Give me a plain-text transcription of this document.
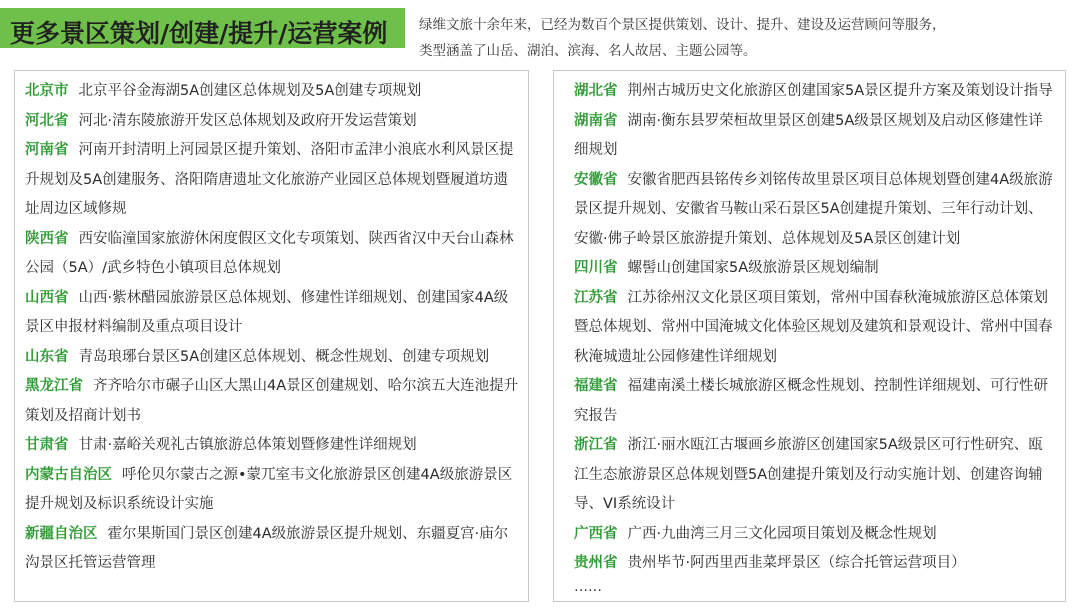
更多景区策划/创建/提升/运营案例 绿维文旅十余年来，已经为数百个景区提供策划、设计、提升、建设及运营顾问等服务，
类型涵盖了山岳、湖泊、滨海、名人故居、主题公园等。

北京市 北京平谷金海湖5A创建区总体规划及5A创建专项规划

河北省 河北·清东陵旅游开发区总体规划及政府开发运营策划

河南省 河南开封清明上河园景区提升策划、洛阳市孟津小浪底水利风景区提升规划及5A创建服务、洛阳隋唐遗址文化旅游产业园区总体规划暨履道坊遗址周边区域修规

陕西省 西安临潼国家旅游休闲度假区文化专项策划、陕西省汉中天台山森林公园（5A）/武乡特色小镇项目总体规划

山西省 山西·紫林醋园旅游景区总体规划、修建性详细规划、创建国家4A级景区申报材料编制及重点项目设计

山东省 青岛琅琊台景区5A创建区总体规划、概念性规划、创建专项规划

黑龙江省 齐齐哈尔市碾子山区大黑山4A景区创建规划、哈尔滨五大连池提升策划及招商计划书

甘肃省 甘肃·嘉峪关观礼古镇旅游总体策划暨修建性详细规划

内蒙古自治区 呼伦贝尔蒙古之源•蒙兀室韦文化旅游景区创建4A级旅游景区提升规划及标识系统设计实施

新疆自治区 霍尔果斯国门景区创建4A级旅游景区提升规划、东疆夏宫·庙尔沟景区托管运营管理

湖北省 荆州古城历史文化旅游区创建国家5A景区提升方案及策划设计指导

湖南省 湖南·衡东县罗荣桓故里景区创建5A级景区规划及启动区修建性详细规划

安徽省 安徽省肥西县铭传乡刘铭传故里景区项目总体规划暨创建4A级旅游景区提升规划、安徽省马鞍山采石景区5A创建提升策划、三年行动计划、安徽·佛子岭景区旅游提升策划、总体规划及5A景区创建计划

四川省 螺髻山创建国家5A级旅游景区规划编制

江苏省 江苏徐州汉文化景区项目策划，常州中国春秋淹城旅游区总体策划暨总体规划、常州中国淹城文化体验区规划及建筑和景观设计、常州中国春秋淹城遗址公园修建性详细规划

福建省 福建南溪土楼长城旅游区概念性规划、控制性详细规划、可行性研究报告

浙江省 浙江·丽水瓯江古堰画乡旅游区创建国家5A级景区可行性研究、瓯江生态旅游景区总体规划暨5A创建提升策划及行动实施计划、创建咨询辅导、VI系统设计

广西省 广西·九曲湾三月三文化园项目策划及概念性规划

贵州省 贵州毕节·阿西里西韭菜坪景区（综合托管运营项目）

……
